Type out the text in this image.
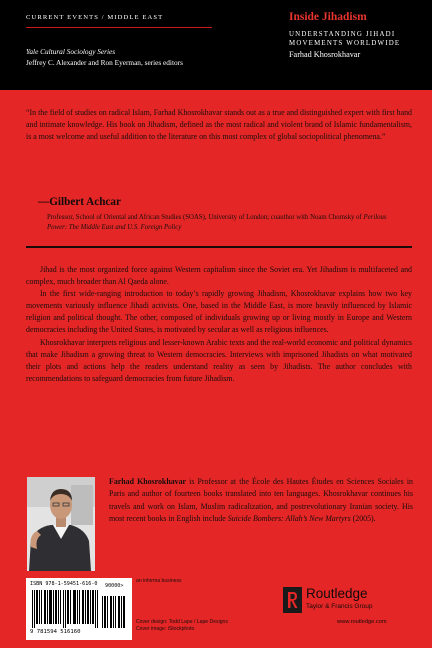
CURRENT EVENTS / MIDDLE EAST
Yale Cultural Sociology Series
Jeffrey C. Alexander and Ron Eyerman, series editors
Inside Jihadism
UNDERSTANDING JIHADI
MOVEMENTS WORLDWIDE
Farhad Khosrokhavar
“In the field of studies on radical Islam, Farhad Khosrokhavar stands out as a true and distinguished expert with first hand and intimate knowledge. His book on Jihadism, defined as the most radical and violent brand of Islamic fundamentalism, is a most welcome and useful addition to the literature on this most complex of global sociopolitical phenomena.”
—Gilbert Achcar
Professor, School of Oriental and African Studies (SOAS), University of London; coauthor with Noam Chomsky of Perilous Power: The Middle East and U.S. Foreign Policy

Jihad is the most organized force against Western capitalism since the Soviet era. Yet Jihadism is multifaceted and complex, much broader than Al Qaeda alone.

In the first wide-ranging introduction to today’s rapidly growing Jihadism, Khosrokhavar explains how two key movements variously influence Jihadi activists. One, based in the Middle East, is more heavily influenced by Islamic religion and political thought. The other, composed of individuals growing up or living mostly in Europe and Western democracies including the United States, is motivated by secular as well as religious influences.

Khosrokhavar interprets religious and lesser-known Arabic texts and the real-world economic and political dynamics that make Jihadism a growing threat to Western democracies. Interviews with imprisoned Jihadists on what motivated their plots and actions help the readers understand reality as seen by Jihadists. The author concludes with recommendations to safeguard democracies from future Jihadism.

Farhad Khosrokhavar is Professor at the École des Hautes Études en Sciences Sociales in Paris and author of fourteen books translated into ten languages. Khosrokhavar continues his travels and work on Islam, Muslim radicalization, and postrevolutionary Iranian society. His most recent books in English include Suicide Bombers: Allah’s New Martyrs (2005).
ISBN 978-1-59451-616-0
9 781594 516160
90000>
an informa business
Cover design: Todd Lape / Lape Designs
Cover image: iStockphoto
Routledge
Taylor & Francis Group
www.routledge.com
